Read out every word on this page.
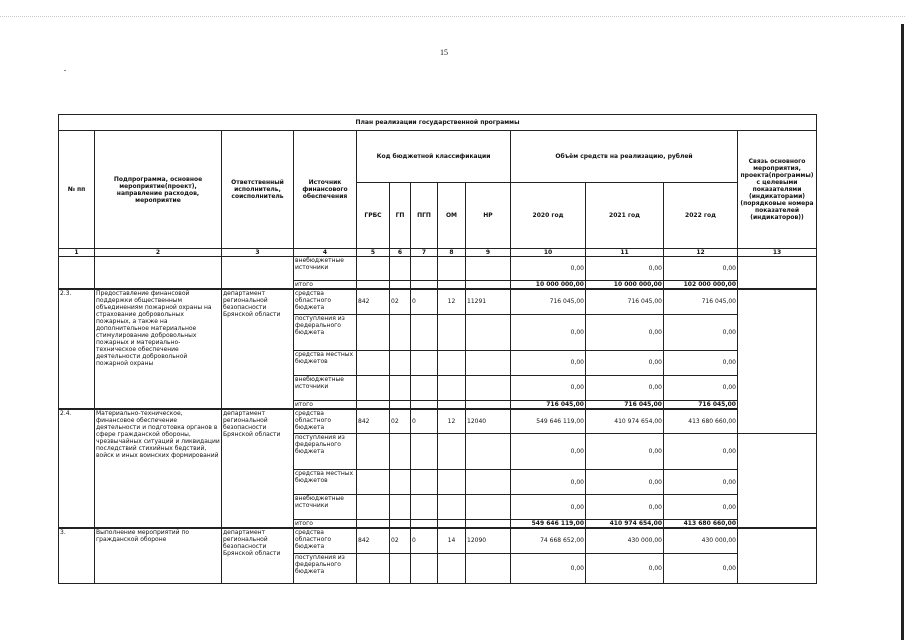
15
План реализации государственной программы													
№ пп	Подпрограмма, основное мероприятие(проект), направление расходов, мероприятие	Ответственный исполнитель, соисполнитель	Источник финансового обеспечения	Код бюджетной классификации					Объём средств на реализацию, рублей			Связь основного мероприятия, проекта(программы) с целевыми показателями (индикаторами) (порядковые номера показателей (индикаторов))	
				ГРБС	ГП	ПГП	ОМ	НР	2020 год	2021 год	2022 год		
1	2	3	4	5	6	7	8	9	10	11	12	13	
			внебюджетные источники						0,00	0,00	0,00		
			итого						10 000 000,00	10 000 000,00	102 000 000,00		
2.3.	Предоставление финансовой поддержки общественным объединениям пожарной охраны на страхование добровольных пожарных, а также на дополнительное материальное стимулирование добровольных пожарных и материально-техническое обеспечение деятельности добровольной пожарной охраны	департамент региональной безопасности Брянской области	средства областного бюджета	842	02	0	12	11291	716 045,00	716 045,00	716 045,00		
			поступления из федерального бюджета						0,00	0,00	0,00		
			средства местных бюджетов						0,00	0,00	0,00		
			внебюджетные источники						0,00	0,00	0,00		
			итого						716 045,00	716 045,00	716 045,00		
2.4.	Материально-техническое, финансовое обеспечение деятельности и подготовка органов в сфере гражданской обороны, чрезвычайных ситуаций и ликвидации последствий стихийных бедствий, войск и иных воинских формирований	департамент региональной безопасности Брянской области	средства областного бюджета	842	02	0	12	12040	549 646 119,00	410 974 654,00	413 680 660,00		
			поступления из федерального бюджета						0,00	0,00	0,00		
			средства местных бюджетов						0,00	0,00	0,00		
			внебюджетные источники						0,00	0,00	0,00		
			итого						549 646 119,00	410 974 654,00	413 680 660,00		
3.	Выполнение мероприятий по гражданской обороне	департамент региональной безопасности Брянской области	средства областного бюджета	842	02	0	14	12090	74 668 652,00	430 000,00	430 000,00		
			поступления из федерального бюджета						0,00	0,00	0,00		
